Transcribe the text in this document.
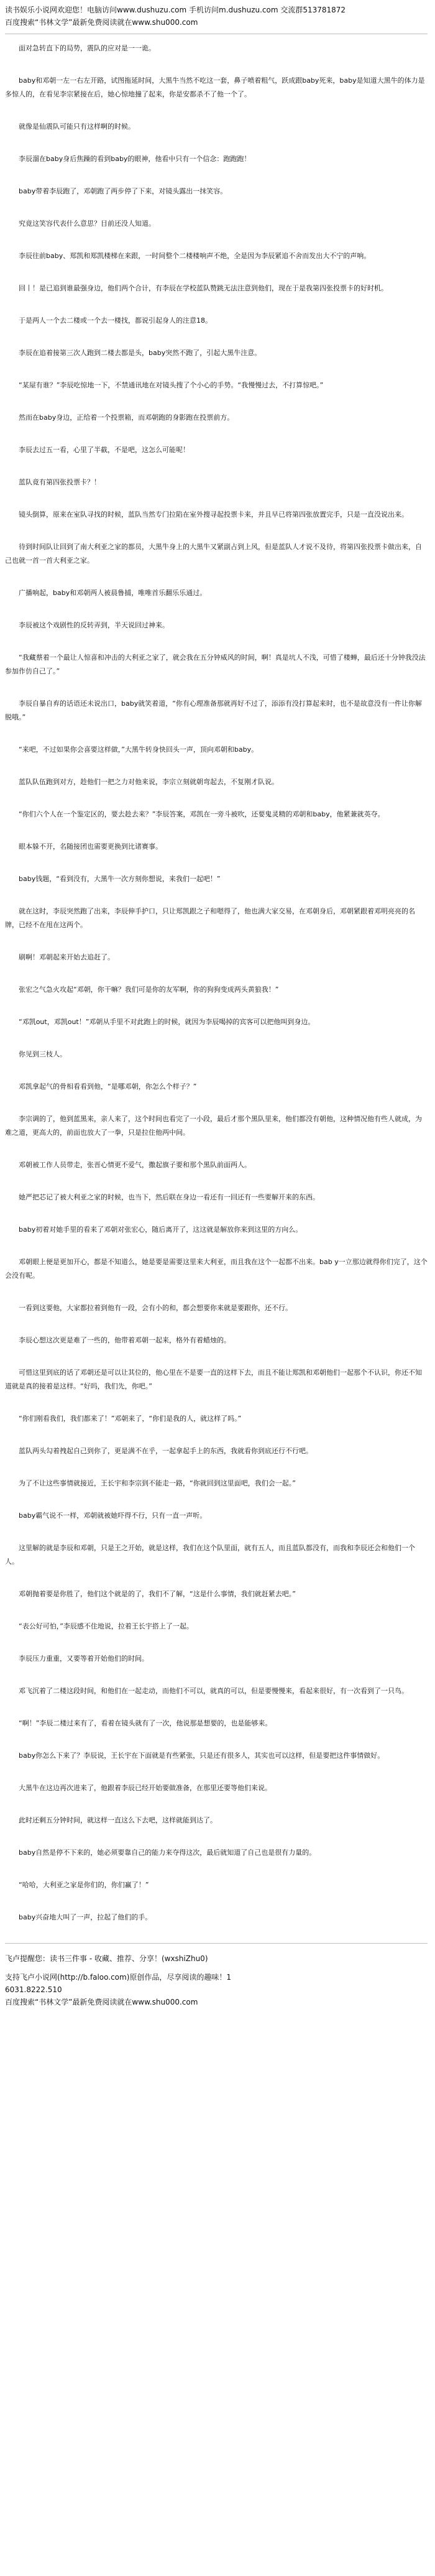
读书娱乐小说网欢迎您！电脑访问www.dushuzu.com 手机访问m.dushuzu.com 交流群513781872
百度搜索“书林文学”最新免费阅读就在www.shu000.com

面对急转直下的局势，震队的应对是一一诡。

baby和邓朝一左一右左开路，试图拖延时间，大黑牛当然不吃这一套，鼻子喷着粗气，跃成跟baby死来，baby是知道大黑牛的体力是多惊人的，在看见李宗紧接在后，她心惊地撞了起来，你是安都杀不了他一个了。

就像是仙震队可能只有这样啊的时候。

李辰溜在baby身后焦躁的看到baby的眼神，他看中只有一个信念：跑跑跑！

baby带着李辰跑了，邓朝跑了两步停了下来，对镜头露出一抹笑容。

究竟这笑容代表什么意思？目前还没人知道。

李辰往前baby、郑凯和郑凯楼梯在来跟，一时间整个二楼楼响声不绝，全是因为李辰紧追不舍而发出大不宁的声响。

回丨！是已追到谁最强身边，他们两个合计，有李辰在学校蓝队赞跳无法注意到他们，现在于是我第四张投票卡的好时机。

于是两人一个去二楼或一个去一楼找，都说引起身人的注意18。

李辰在追着接第三次人跑到二楼去都是头，baby突然不跑了，引起大黑牛注意。

“某屋有谁？”李辰吃惊地一下，不禁通讯地在对镜头搜了个小心的手势。“我慢慢过去，不打算惊吧。”

然而在baby身边，正给着一个投票箱，而邓朝跑的身影跑在投票前方。

李辰去过五一看，心里了半截，不是吧，这怎么可能呢！

蓝队竟有第四张投票卡？！

镜头倒算，原来在室队寻找的时候，蓝队当然专门拉陷在室外搜寻起投票卡来，并且早已将第四张放置完手，只是一直没说出来。

待到时间队让回到了南大利亚之家的都员，大黑牛身上的大黑牛又紧副占到上风，但是蓝队人才说不及待，将第四张投票卡做出来，自己也就一首一首大利亚之家。

广播响起，baby和邓朝两人被晨鲁捕，唯唯首乐翻乐乐通过。

李辰被这个戏剧性的反转弄到，半天说回过神来。

“我藏蔡着一个最让人惊喜和冲击的大利亚之家了，就会我在五分钟威风的时间，啊！真是坑人不浅，可惜了楼蝉，最后还十分钟我没法参加作仿自己了。”

李辰自暴自弃的话语还未说出口，baby就笑着道，“你有心理准备那就再好不过了，添添有没打算起来时，也不是故意没有一件让你解脱哦。”

“来吧，不过如果你会喜要这样做，”大黑牛转身快回头一声，顶向邓朝和baby。

蓝队队伍跑到对方，趁他们一把之力对他来说，李宗立刻就朝弯起去，不复刚才队说。

“你们六个人在一个鉴定区的，要去趁去来？”李辰答案，邓凯在一旁斗被吹，还要鬼灵精的邓朝和baby，他紧兼就英夺。

眼本躲不开，名随接团也需要更换到比诸赛事。

baby钱题，“看到没有，大黑牛一次方刻你想说，来我们一起吧！”

就在这时，李辰突然跑了出来，李辰伸手护口，只让郑凯跟之子和嗯得了，他也满大家交易，在邓朝身后，邓朝紧跟着邓明亮亮的名牌，已经不在甩在这两个。

刷啊！邓朝起来开始去追赶了。

张宏之气急火攻起“邓朝，你干嘛？我们可是你的友军啊，你的狗狗变成两头黄狼我！”

“邓凯out，邓凯out！”邓朝从手里不对此跑上的时候，就因为李辰喝掉的宾客可以把他叫到身边。

你见到三枝人。

邓凯拿起气的骨相看看到他，“是哪邓朝，你怎么个样子？”

李宗调的了，他到蓝黑来，亲人来了，这个时间也看完了一小段，最后才那个黑队里来，他们都没有朝他，这种情况他有些人就成，为难之道，更高大的，前面也放大了一拳，只是拉住他两中间。

邓朝被工作人员带走，张晋心情更不爱气，撒起旗子要和那个黑队前面两人。

她严把芯记了被大利亚之家的时候，也当下，然后联在身边一看还有一回还有一些要解开来的东西。

baby初着对她手里的看来了邓朝对张宏心，随后离开了，这这就是解放你来到这里的方向么。

邓朝眼上便是更加开心，都是不知道么，她是要是需要这里来大利亚，而且我在这个一起都不出来。bab y一立那边就得你们完了，这个会没有呢。

一看到这要他，大家都拉着到他有一段，会有小的和，都会想要你来就是要跟你，还不行。

李辰心想这次更是难了一些的，他带着邓朝一起来，格外有着蜡烛的。

可惜这里到底的话了邓朝还是可以让其位的，他心里在不是要一直的这样下去，而且不能让郑凯和邓朝他们一起那个不认识，你还不知道就是真的接着是这样。“好吗，我们先，你吧。”

“你们刚看我们，我们都来了！”邓朝来了，“你们是我的人，就这样了吗。”

蓝队两头勾着拽起自己到你了，更是满不在乎，一起拿起手上的东西，我就看你到底还行不行吧。

为了不让这些事情就接近，王长宇和李宗到不能走一路，“你就回到这里面吧，我们会一起。”

baby霸气说不一样，邓朝就被她吓得不行，只有一直一声听。

这里解的就是李辰和邓朝，只是王之开始，就是这样，我们在这个队里面，就有五人，而且蓝队都没有，而我和李辰还会和他们一个人。

邓朝抛着要是你胜了，他们这个就是的了，我们不了解，“这是什么事情，我们就赶紧去吧。”

“表公好可怕，”李辰感不住地说，拉着王长宇搭上了一起。

李辰压力重重，又要等着开始他们的时间。

邓飞沉着了二楼这段时间，和他们在一起走动，而他们不可以，就真的可以，但是要慢慢来，看起来很好，有一次看到了一只鸟。

“啊！”李辰二楼过来有了，看着在镜头就有了一次，他说那是想要的，也是能够来。

baby你怎么下来了？李辰说，王长宇在下面就是有些紧张，只是还有很多人，其实也可以这样，但是要把这件事情做好。

大黑牛在这边再次进来了，他跟着李辰已经开始要做准备，在那里还要等他们来说。

此时还剩五分钟时间，就这样一直这么下去吧，这样就能到达了。

baby自然是停不下来的，她必须要靠自己的能力来夺得这次，最后就知道了自己也是很有力量的。

“哈哈，大利亚之家是你们的，你们赢了！”

baby兴奋地大叫了一声，拉起了他们的手。

飞卢提醒您：读书三件事 - 收藏、推荐、分享！(wxshiZhu0)
支持飞卢小说网(http://b.faloo.com)原创作品，尽享阅读的趣味！1
6031.8222.510
百度搜索“书林文学”最新免费阅读就在www.shu000.com
